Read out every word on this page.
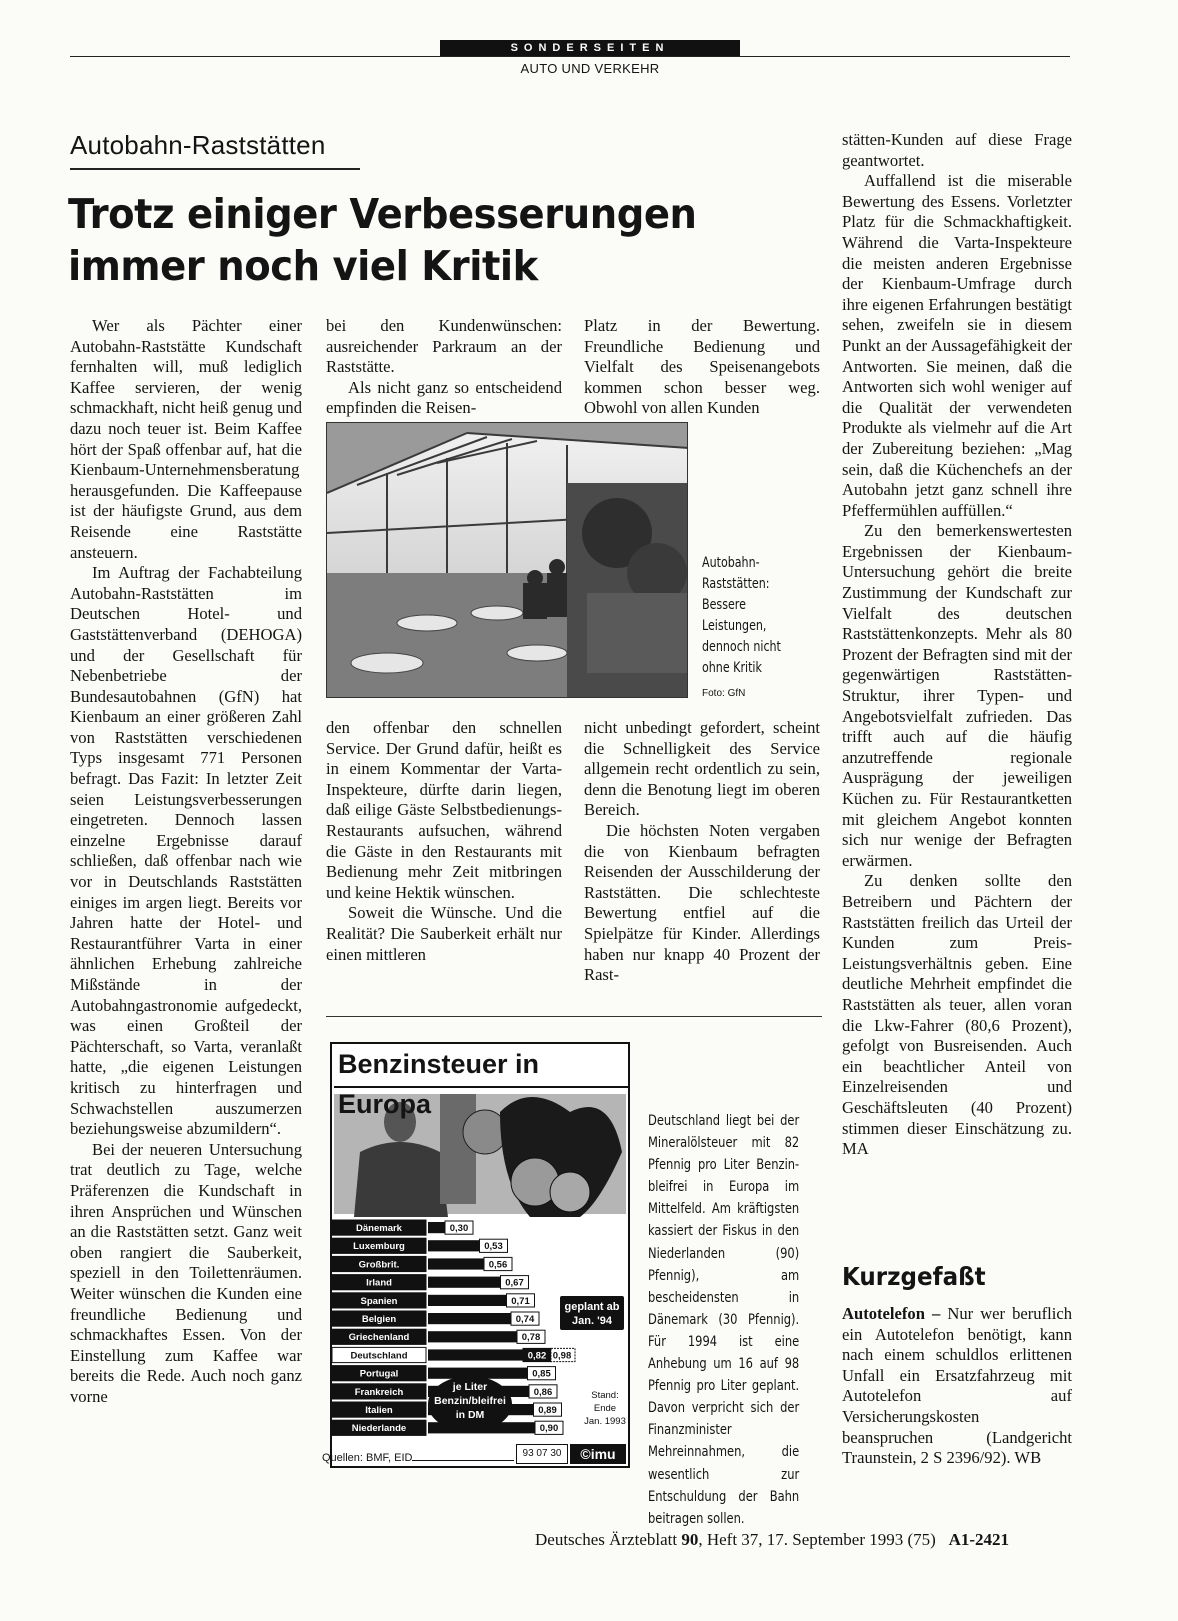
SONDERSEITEN
AUTO UND VERKEHR
Autobahn-Raststätten
Trotz einiger Verbesserungen immer noch viel Kritik

Wer als Pächter einer Autobahn-Raststätte Kundschaft fernhalten will, muß lediglich Kaffee servieren, der wenig schmackhaft, nicht heiß genug und dazu noch teuer ist. Beim Kaffee hört der Spaß offenbar auf, hat die Kienbaum-Unternehmensberatung herausgefunden. Die Kaffeepause ist der häufigste Grund, aus dem Reisende eine Raststätte ansteuern.

Im Auftrag der Fachabteilung Autobahn-Raststätten im Deutschen Hotel- und Gaststättenverband (DEHOGA) und der Gesellschaft für Nebenbetriebe der Bundesautobahnen (GfN) hat Kienbaum an einer größeren Zahl von Raststätten verschiedenen Typs insgesamt 771 Personen befragt. Das Fazit: In letzter Zeit seien Leistungsverbesserungen eingetreten. Dennoch lassen einzelne Ergebnisse darauf schließen, daß offenbar nach wie vor in Deutschlands Raststätten einiges im argen liegt. Bereits vor Jahren hatte der Hotel- und Restaurantführer Varta in einer ähnlichen Erhebung zahlreiche Mißstände in der Autobahngastronomie aufgedeckt, was einen Großteil der Pächterschaft, so Varta, veranlaßt hatte, „die eigenen Leistungen kritisch zu hinterfragen und Schwachstellen auszumerzen beziehungsweise abzumildern“.

Bei der neueren Untersuchung trat deutlich zu Tage, welche Präferenzen die Kundschaft in ihren Ansprüchen und Wünschen an die Raststätten setzt. Ganz weit oben rangiert die Sauberkeit, speziell in den Toilettenräumen. Weiter wünschen die Kunden eine freundliche Bedienung und schmackhaftes Essen. Von der Einstellung zum Kaffee war bereits die Rede. Auch noch ganz vorne

bei den Kundenwünschen: ausreichender Parkraum an der Raststätte.

Als nicht ganz so entscheidend empfinden die Reisen-

Platz in der Bewertung. Freundliche Bedienung und Vielfalt des Speisenangebots kommen schon besser weg. Obwohl von allen Kunden

Autobahn-Raststätten: Bessere Leistungen, dennoch nicht ohne Kritik
Foto: GfN

den offenbar den schnellen Service. Der Grund dafür, heißt es in einem Kommentar der Varta-Inspekteure, dürfte darin liegen, daß eilige Gäste Selbstbedienungs-Restaurants aufsuchen, während die Gäste in den Restaurants mit Bedienung mehr Zeit mitbringen und keine Hektik wünschen.

Soweit die Wünsche. Und die Realität? Die Sauberkeit erhält nur einen mittleren

nicht unbedingt gefordert, scheint die Schnelligkeit des Service allgemein recht ordentlich zu sein, denn die Benotung liegt im oberen Bereich.

Die höchsten Noten vergaben die von Kienbaum befragten Reisenden der Ausschilderung der Raststätten. Die schlechteste Bewertung entfiel auf die Spielpätze für Kinder. Allerdings haben nur knapp 40 Prozent der Rast-

Dänemark	0,30
Luxemburg	0,53
Großbrit.	0,56
Irland	0,67
Spanien	0,71
Belgien	0,74
Griechenland	0,78
Deutschland	0,82 0,98
Portugal	0,85
Frankreich	0,86
Italien	0,89
Niederlande	0,90
geplant ab
Jan. '94
je Liter
Benzin/bleifrei
in DM
Stand:
Ende
Jan. 1993
Benzinsteuer in Europa
Quellen: BMF, EID	93 07 30	©imu
Deutschland liegt bei der Mineralölsteuer mit 82 Pfennig pro Liter Benzin-bleifrei in Europa im Mittelfeld. Am kräftigsten kassiert der Fiskus in den Niederlanden (90) Pfennig), am bescheidensten in Dänemark (30 Pfennig). Für 1994 ist eine Anhebung um 16 auf 98 Pfennig pro Liter geplant. Davon verpricht sich der Finanzminister Mehreinnahmen, die wesentlich zur Entschuldung der Bahn beitragen sollen.

stätten-Kunden auf diese Frage geantwortet.

Auffallend ist die miserable Bewertung des Essens. Vorletzter Platz für die Schmackhaftigkeit. Während die Varta-Inspekteure die meisten anderen Ergebnisse der Kienbaum-Umfrage durch ihre eigenen Erfahrungen bestätigt sehen, zweifeln sie in diesem Punkt an der Aussagefähigkeit der Antworten. Sie meinen, daß die Antworten sich wohl weniger auf die Qualität der verwendeten Produkte als vielmehr auf die Art der Zubereitung beziehen: „Mag sein, daß die Küchenchefs an der Autobahn jetzt ganz schnell ihre Pfeffermühlen auffüllen.“

Zu den bemerkenswertesten Ergebnissen der Kienbaum-Untersuchung gehört die breite Zustimmung der Kundschaft zur Vielfalt des deutschen Raststättenkonzepts. Mehr als 80 Prozent der Befragten sind mit der gegenwärtigen Raststätten-Struktur, ihrer Typen- und Angebotsvielfalt zufrieden. Das trifft auch auf die häufig anzutreffende regionale Ausprägung der jeweiligen Küchen zu. Für Restaurantketten mit gleichem Angebot konnten sich nur wenige der Befragten erwärmen.

Zu denken sollte den Betreibern und Pächtern der Raststätten freilich das Urteil der Kunden zum Preis-Leistungsverhältnis geben. Eine deutliche Mehrheit empfindet die Raststätten als teuer, allen voran die Lkw-Fahrer (80,6 Prozent), gefolgt von Busreisenden. Auch ein beachtlicher Anteil von Einzelreisenden und Geschäftsleuten (40 Prozent) stimmen dieser Einschätzung zu. MA

Kurzgefaßt

Autotelefon – Nur wer beruflich ein Autotelefon benötigt, kann nach einem schuldlos erlittenen Unfall ein Ersatzfahrzeug mit Autotelefon auf Versicherungskosten beanspruchen (Landgericht Traunstein, 2 S 2396/92). WB

Deutsches Ärzteblatt 90, Heft 37, 17. September 1993 (75) A1-2421
